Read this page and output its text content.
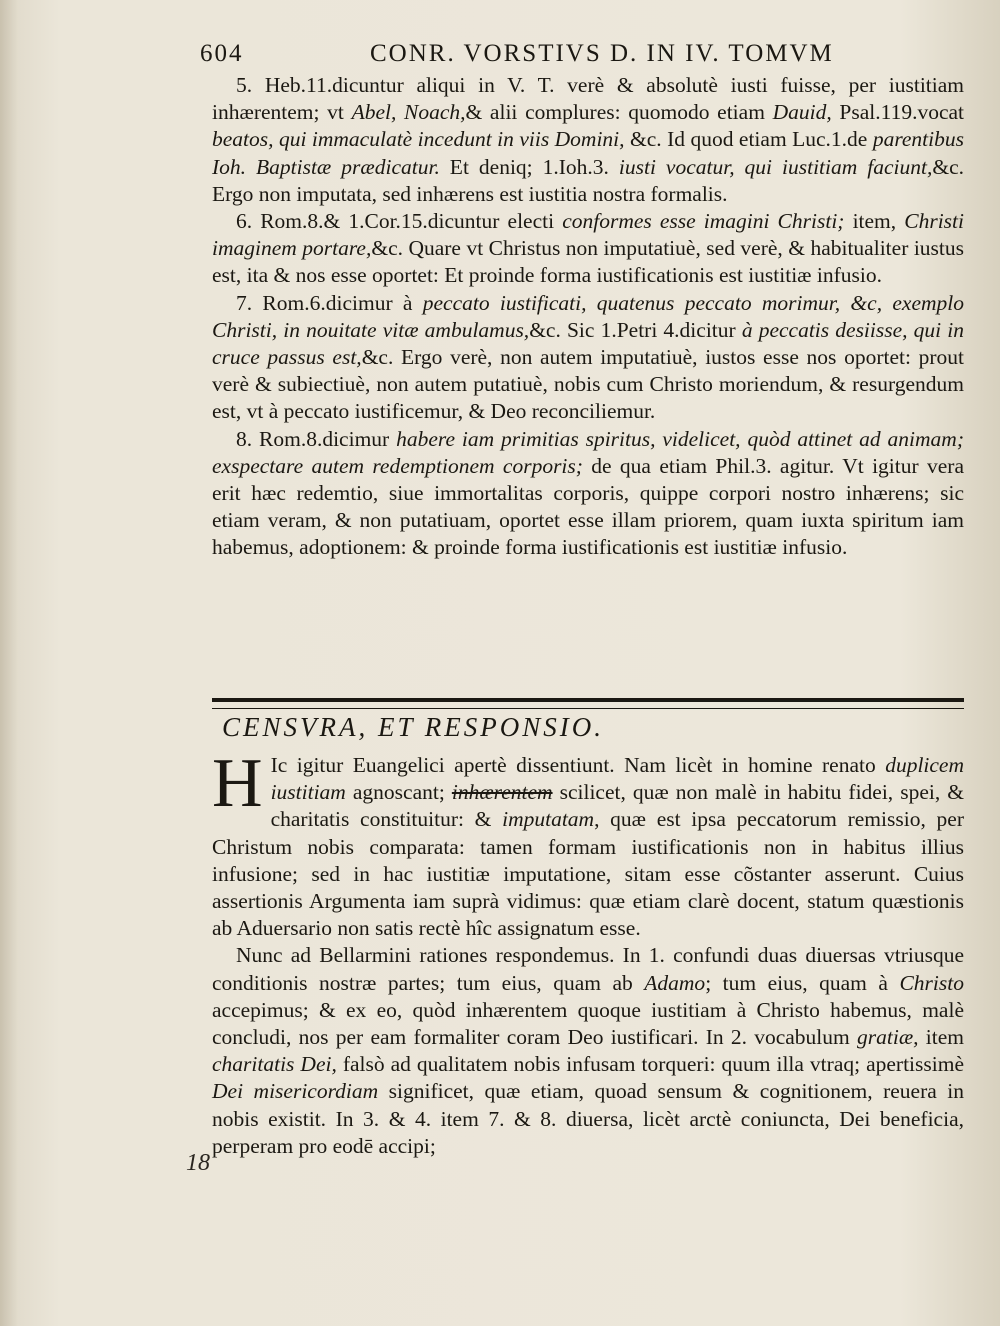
604	CONR. VORSTIVS D. IN IV. TOMVM

5. Heb.11.dicuntur aliqui in V. T. verè & absolutè iusti fuisse, per iustitiam inhærentem; vt Abel, Noach,& alii complures: quomodo etiam Dauid, Psal.119.vocat beatos, qui immaculatè incedunt in viis Domini, &c. Id quod etiam Luc.1.de parentibus Ioh. Baptistæ prædicatur. Et deniq; 1.Ioh.3. iusti vocatur, qui iustitiam faciunt,&c. Ergo non imputata, sed inhærens est iustitia nostra formalis.

6. Rom.8.& 1.Cor.15.dicuntur electi conformes esse imagini Christi; item, Christi imaginem portare,&c. Quare vt Christus non imputatiuè, sed verè, & habitualiter iustus est, ita & nos esse oportet: Et proinde forma iustificationis est iustitiæ infusio.

7. Rom.6.dicimur à peccato iustificati, quatenus peccato morimur, &c, exemplo Christi, in nouitate vitæ ambulamus,&c. Sic 1.Petri 4.dicitur à peccatis desiisse, qui in cruce passus est,&c. Ergo verè, non autem imputatiuè, iustos esse nos oportet: prout verè & subiectiuè, non autem putatiuè, nobis cum Christo moriendum, & resurgendum est, vt à peccato iustificemur, & Deo reconciliemur.

8. Rom.8.dicimur habere iam primitias spiritus, videlicet, quòd attinet ad animam; exspectare autem redemptionem corporis; de qua etiam Phil.3. agitur. Vt igitur vera erit hæc redemtio, siue immortalitas corporis, quippe corpori nostro inhærens; sic etiam veram, & non putatiuam, oportet esse illam priorem, quam iuxta spiritum iam habemus, adoptionem: & proinde forma iustificationis est iustitiæ infusio.

CENSVRA, ET RESPONSIO.

H Ic igitur Euangelici apertè dissentiunt. Nam licèt in homine renato duplicem iustitiam agnoscant; inhærentem scilicet, quæ non malè in habitu fidei, spei, & charitatis constituitur: & imputatam, quæ est ipsa peccatorum remissio, per Christum nobis comparata: tamen formam iustificationis non in habitus illius infusione; sed in hac iustitiæ imputatione, sitam esse cõstanter asserunt. Cuius assertionis Argumenta iam suprà vidimus: quæ etiam clarè docent, statum quæstionis ab Aduersario non satis rectè hîc assignatum esse.

Nunc ad Bellarmini rationes respondemus. In 1. confundi duas diuersas vtriusque conditionis nostræ partes; tum eius, quam ab Adamo; tum eius, quam à Christo accepimus; & ex eo, quòd inhærentem quoque iustitiam à Christo habemus, malè concludi, nos per eam formaliter coram Deo iustificari. In 2. vocabulum gratiæ, item charitatis Dei, falsò ad qualitatem nobis infusam torqueri: quum illa vtraq; apertissimè Dei misericordiam significet, quæ etiam, quoad sensum & cognitionem, reuera in nobis existit. In 3. & 4. item 7. & 8. diuersa, licèt arctè coniuncta, Dei beneficia, perperam pro eodē accipi;

18
